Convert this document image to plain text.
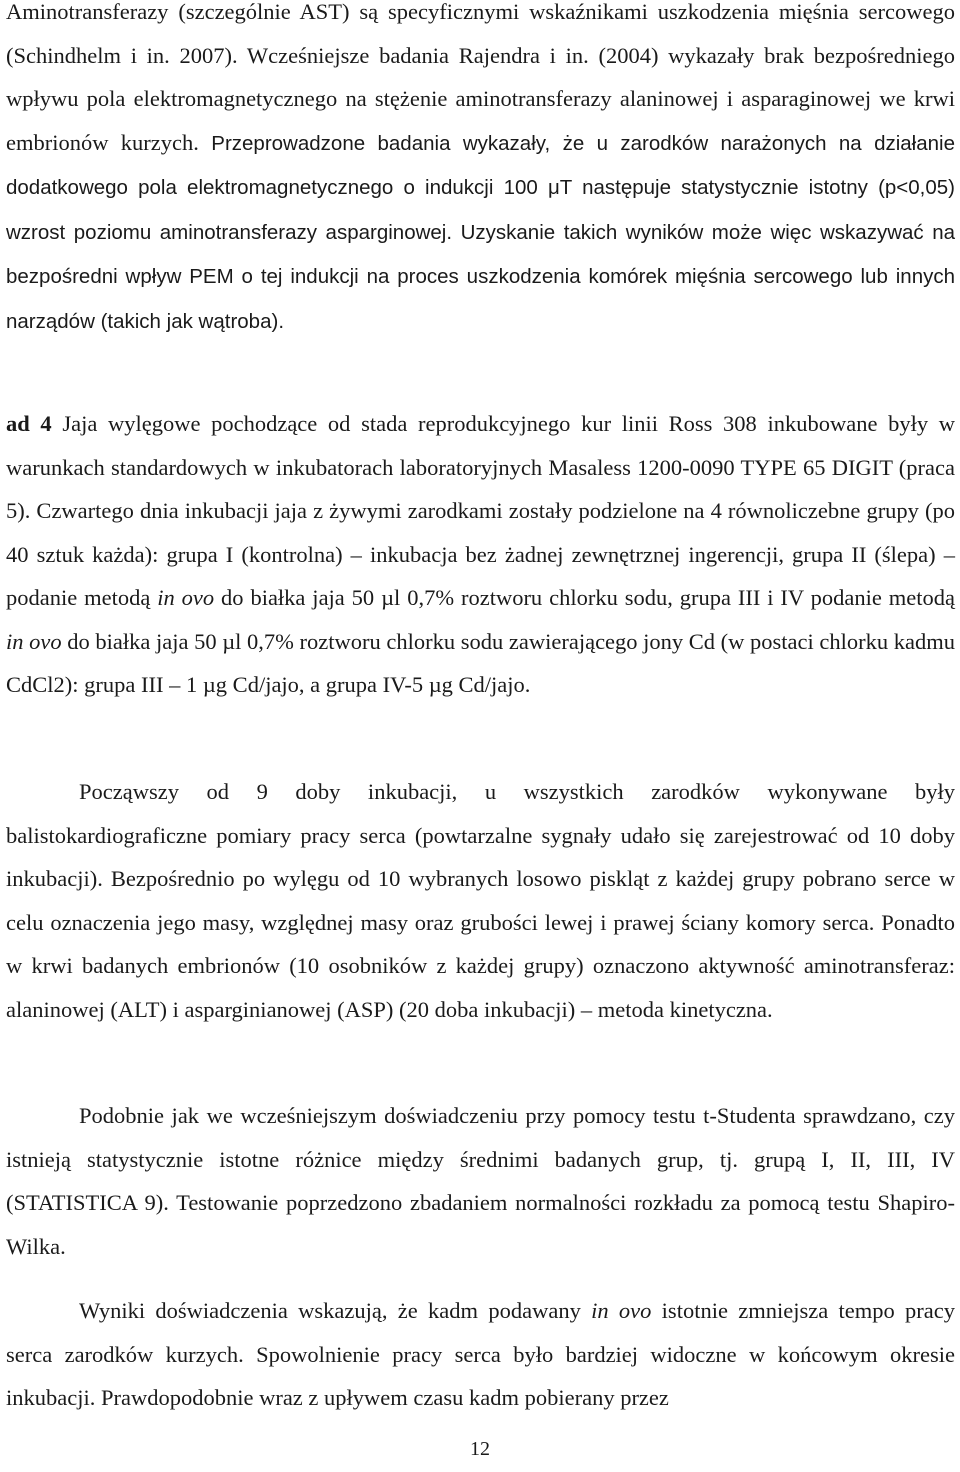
Aminotransferazy (szczególnie AST) są specyficznymi wskaźnikami uszkodzenia mięśnia sercowego (Schindhelm i in. 2007). Wcześniejsze badania Rajendra i in. (2004) wykazały brak bezpośredniego wpływu pola elektromagnetycznego na stężenie aminotransferazy alaninowej i asparaginowej we krwi embrionów kurzych. Przeprowadzone badania wykazały, że u zarodków narażonych na działanie dodatkowego pola elektromagnetycznego o indukcji 100 μT następuje statystycznie istotny (p<0,05) wzrost poziomu aminotransferazy asparginowej. Uzyskanie takich wyników może więc wskazywać na bezpośredni wpływ PEM o tej indukcji na proces uszkodzenia komórek mięśnia sercowego lub innych narządów (takich jak wątroba).

ad 4 Jaja wylęgowe pochodzące od stada reprodukcyjnego kur linii Ross 308 inkubowane były w warunkach standardowych w inkubatorach laboratoryjnych Masaless 1200-0090 TYPE 65 DIGIT (praca 5). Czwartego dnia inkubacji jaja z żywymi zarodkami zostały podzielone na 4 równoliczebne grupy (po 40 sztuk każda): grupa I (kontrolna) – inkubacja bez żadnej zewnętrznej ingerencji, grupa II (ślepa) – podanie metodą in ovo do białka jaja 50 µl 0,7% roztworu chlorku sodu, grupa III i IV podanie metodą in ovo do białka jaja 50 µl 0,7% roztworu chlorku sodu zawierającego jony Cd (w postaci chlorku kadmu CdCl2): grupa III – 1 µg Cd/jajo, a grupa IV-5 µg Cd/jajo.

Począwszy od 9 doby inkubacji, u wszystkich zarodków wykonywane były balistokardiograficzne pomiary pracy serca (powtarzalne sygnały udało się zarejestrować od 10 doby inkubacji). Bezpośrednio po wylęgu od 10 wybranych losowo piskląt z każdej grupy pobrano serce w celu oznaczenia jego masy, względnej masy oraz grubości lewej i prawej ściany komory serca. Ponadto w krwi badanych embrionów (10 osobników z każdej grupy) oznaczono aktywność aminotransferaz: alaninowej (ALT) i asparginianowej (ASP) (20 doba inkubacji) – metoda kinetyczna.

Podobnie jak we wcześniejszym doświadczeniu przy pomocy testu t-Studenta sprawdzano, czy istnieją statystycznie istotne różnice między średnimi badanych grup, tj. grupą I, II, III, IV (STATISTICA 9). Testowanie poprzedzono zbadaniem normalności rozkładu za pomocą testu Shapiro-Wilka.

Wyniki doświadczenia wskazują, że kadm podawany in ovo istotnie zmniejsza tempo pracy serca zarodków kurzych. Spowolnienie pracy serca było bardziej widoczne w końcowym okresie inkubacji. Prawdopodobnie wraz z upływem czasu kadm pobierany przez

12
